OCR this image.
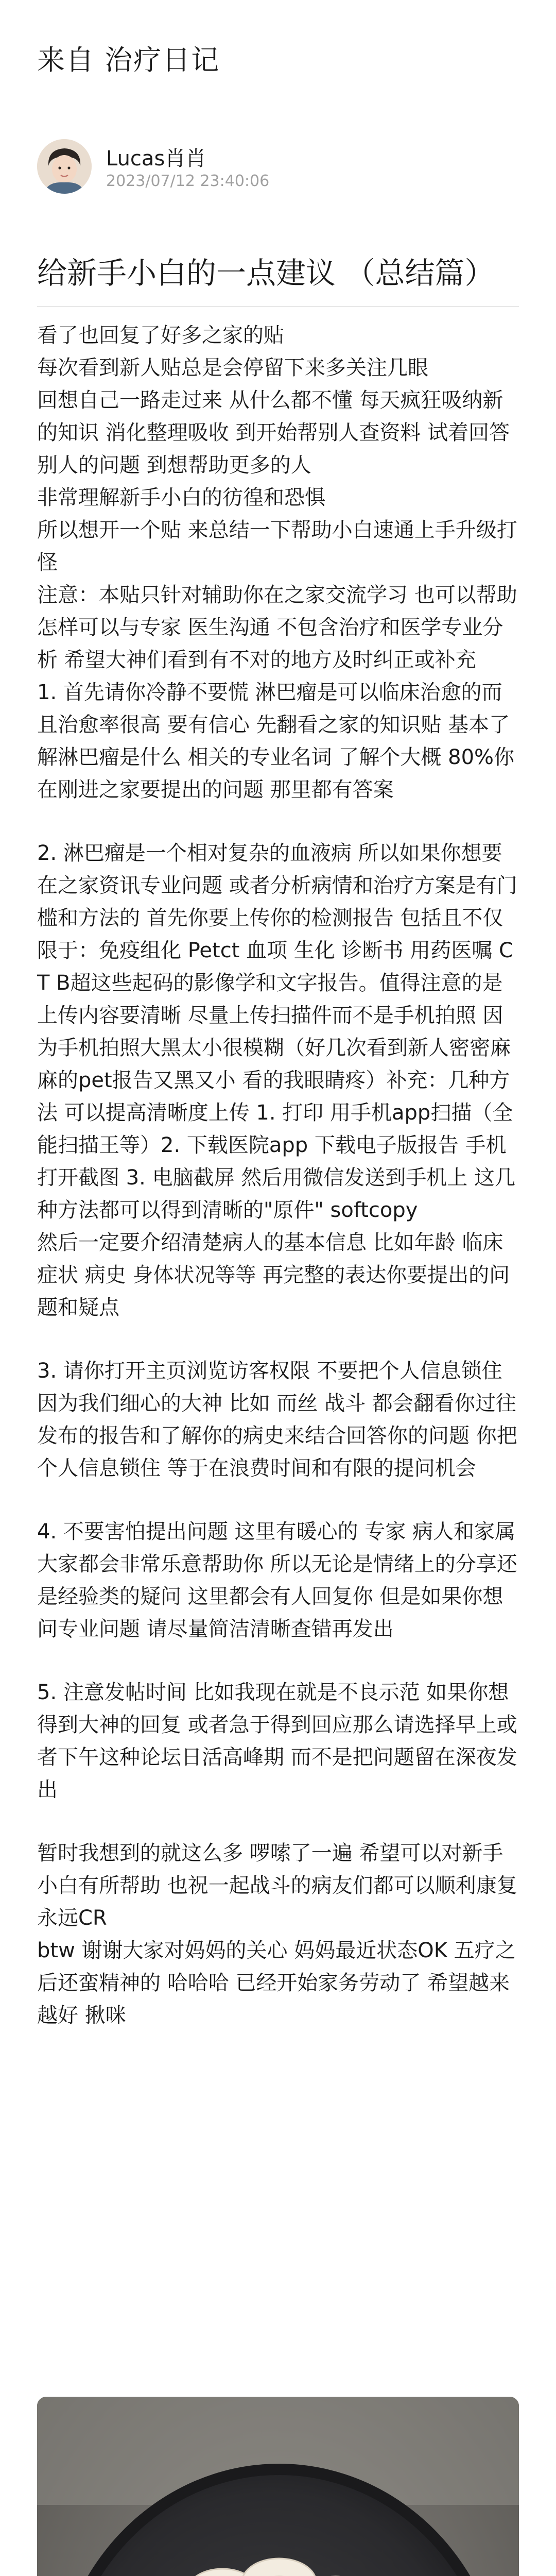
来自 治疗日记
Lucas肖肖
2023/07/12 23:40:06
给新手小白的一点建议 （总结篇）

看了也回复了好多之家的贴
每次看到新人贴总是会停留下来多关注几眼
回想自己一路走过来 从什么都不懂 每天疯狂吸纳新的知识 消化整理吸收 到开始帮别人查资料 试着回答别人的问题 到想帮助更多的人
非常理解新手小白的彷徨和恐惧
所以想开一个贴 来总结一下帮助小白速通上手升级打怪
注意：本贴只针对辅助你在之家交流学习 也可以帮助怎样可以与专家 医生沟通 不包含治疗和医学专业分析 希望大神们看到有不对的地方及时纠正或补充
1. 首先请你冷静不要慌 淋巴瘤是可以临床治愈的而且治愈率很高 要有信心 先翻看之家的知识贴 基本了解淋巴瘤是什么 相关的专业名词 了解个大概 80%你在刚进之家要提出的问题 那里都有答案

2. 淋巴瘤是一个相对复杂的血液病 所以如果你想要在之家资讯专业问题 或者分析病情和治疗方案是有门槛和方法的 首先你要上传你的检测报告 包括且不仅限于：免疫组化 Petct 血项 生化 诊断书 用药医嘱 CT B超这些起码的影像学和文字报告。值得注意的是上传内容要清晰 尽量上传扫描件而不是手机拍照 因为手机拍照大黑太小很模糊（好几次看到新人密密麻麻的pet报告又黑又小 看的我眼睛疼）补充：几种方法 可以提高清晰度上传 1. 打印 用手机app扫描（全能扫描王等）2. 下载医院app 下载电子版报告 手机打开截图 3. 电脑截屏 然后用微信发送到手机上 这几种方法都可以得到清晰的"原件" softcopy
然后一定要介绍清楚病人的基本信息 比如年龄 临床症状 病史 身体状况等等 再完整的表达你要提出的问题和疑点

3. 请你打开主页浏览访客权限 不要把个人信息锁住 因为我们细心的大神 比如 而丝 战斗 都会翻看你过往发布的报告和了解你的病史来结合回答你的问题 你把个人信息锁住 等于在浪费时间和有限的提问机会

4. 不要害怕提出问题 这里有暖心的 专家 病人和家属 大家都会非常乐意帮助你 所以无论是情绪上的分享还是经验类的疑问 这里都会有人回复你 但是如果你想问专业问题 请尽量简洁清晰查错再发出

5. 注意发帖时间 比如我现在就是不良示范 如果你想得到大神的回复 或者急于得到回应那么请选择早上或者下午这种论坛日活高峰期 而不是把问题留在深夜发出

暂时我想到的就这么多 啰嗦了一遍 希望可以对新手小白有所帮助 也祝一起战斗的病友们都可以顺利康复 永远CR
btw 谢谢大家对妈妈的关心 妈妈最近状态OK 五疗之后还蛮精神的 哈哈哈 已经开始家务劳动了 希望越来越好 揪咪
